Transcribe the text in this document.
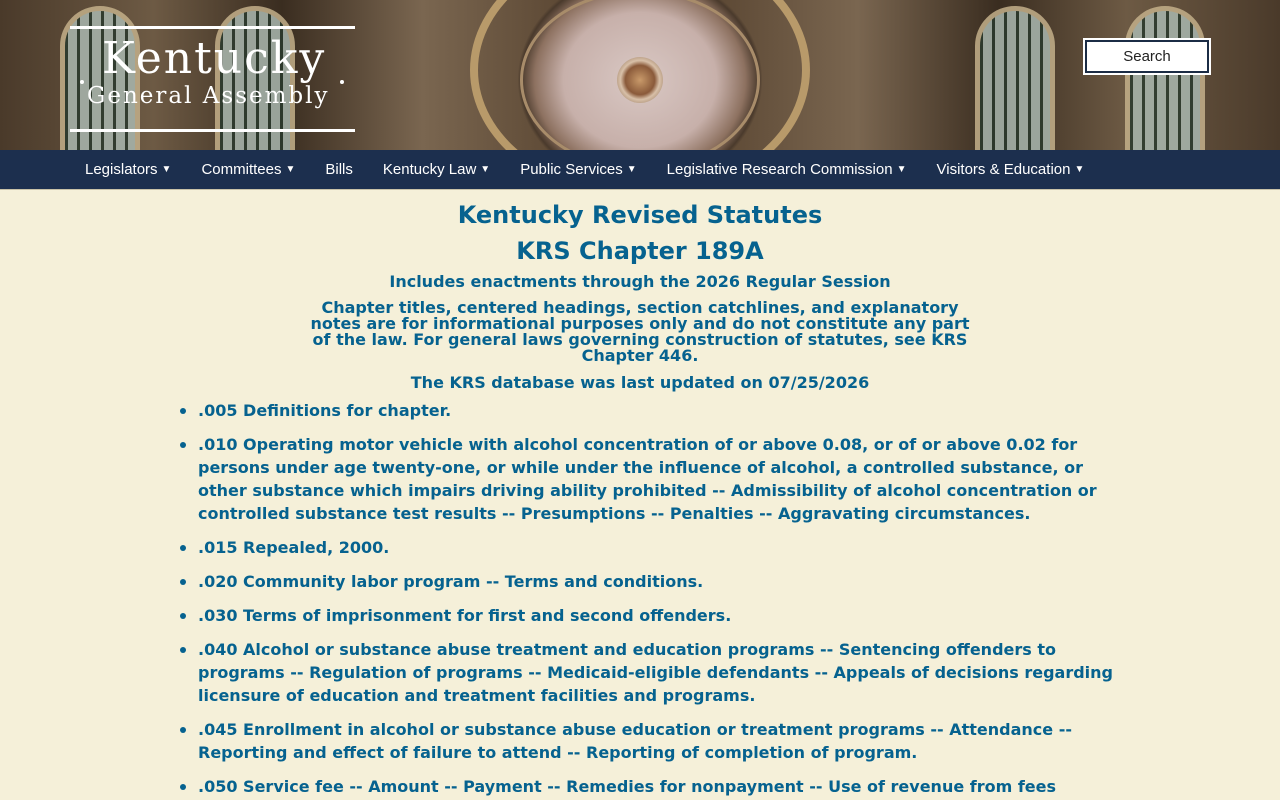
Kentucky
General Assembly
Search
Legislators ▼ Committees ▼ Bills Kentucky Law ▼ Public Services ▼ Legislative Research Commission ▼ Visitors & Education ▼
Kentucky Revised Statutes
KRS Chapter 189A
Includes enactments through the 2026 Regular Session
Chapter titles, centered headings, section catchlines, and explanatory notes are for informational purposes only and do not constitute any part of the law. For general laws governing construction of statutes, see KRS Chapter 446.
The KRS database was last updated on 07/25/2026
.005 Definitions for chapter.
.010 Operating motor vehicle with alcohol concentration of or above 0.08, or of or above 0.02 for persons under age twenty-one, or while under the influence of alcohol, a controlled substance, or other substance which impairs driving ability prohibited -- Admissibility of alcohol concentration or controlled substance test results -- Presumptions -- Penalties -- Aggravating circumstances.
.015 Repealed, 2000.
.020 Community labor program -- Terms and conditions.
.030 Terms of imprisonment for first and second offenders.
.040 Alcohol or substance abuse treatment and education programs -- Sentencing offenders to programs -- Regulation of programs -- Medicaid-eligible defendants -- Appeals of decisions regarding licensure of education and treatment facilities and programs.
.045 Enrollment in alcohol or substance abuse education or treatment programs -- Attendance -- Reporting and effect of failure to attend -- Reporting of completion of program.
.050 Service fee -- Amount -- Payment -- Remedies for nonpayment -- Use of revenue from fees
